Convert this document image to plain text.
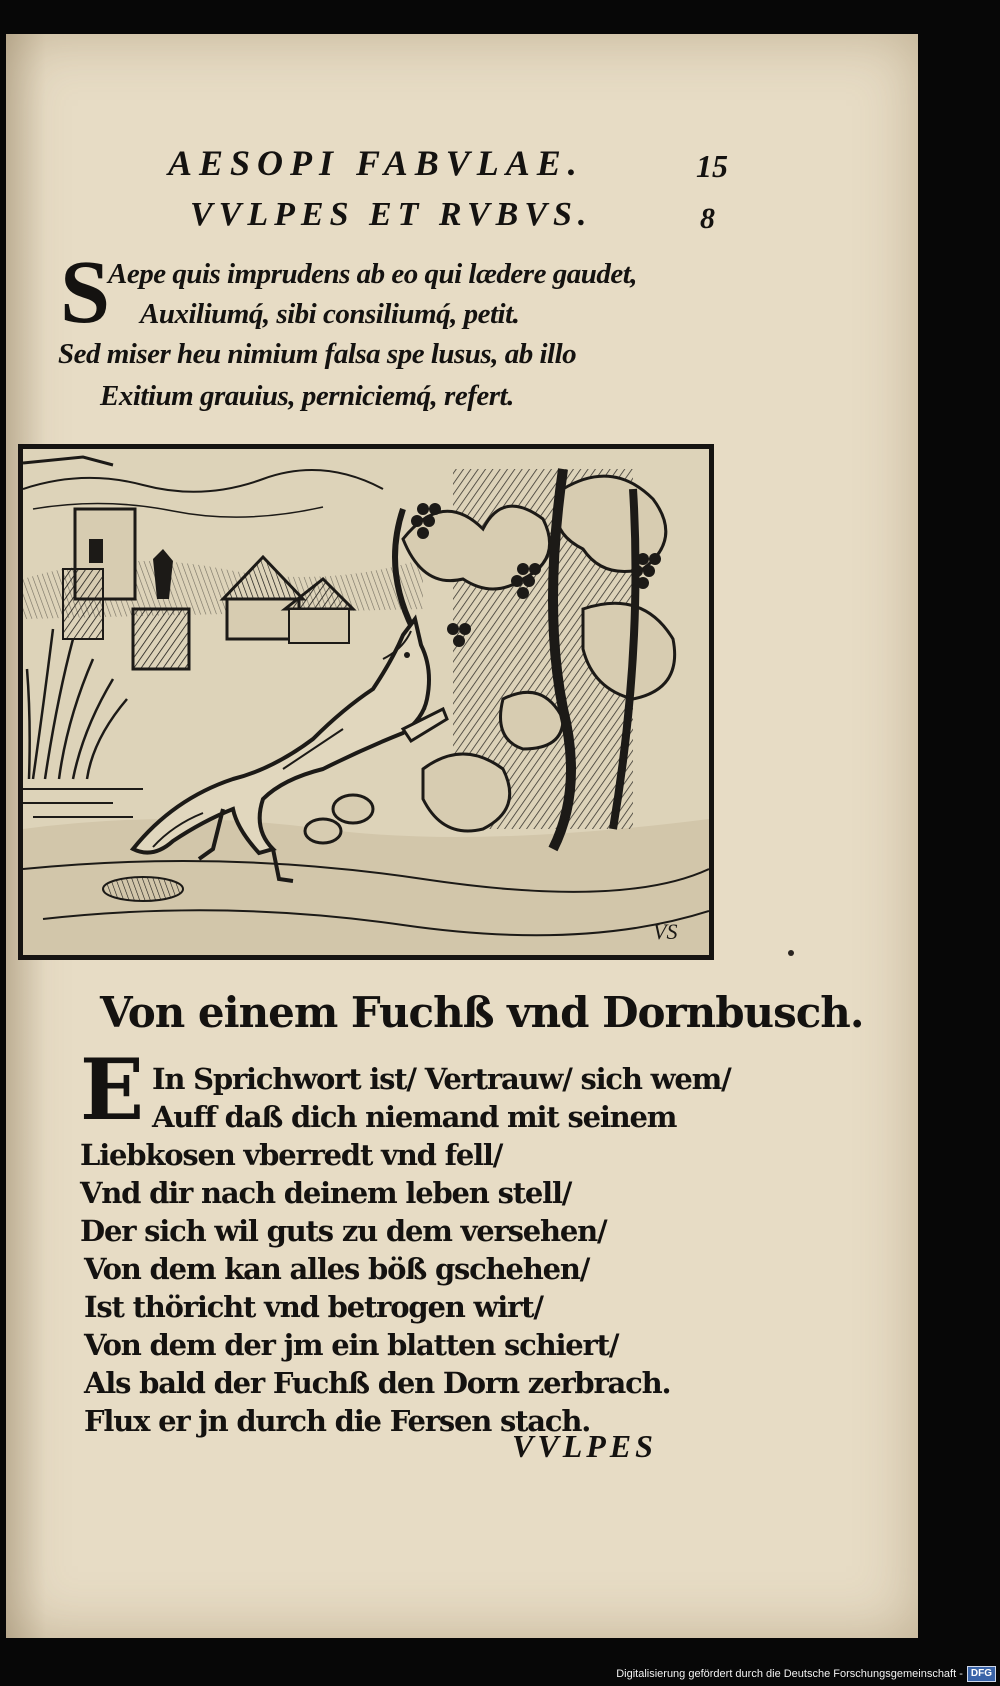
AESOPI FABVLAE.	15
VVLPES ET RVBVS.	8
S
Aepe quis imprudens ab eo qui lædere gaudet,
Auxiliumq́, sibi consiliumq́, petit.
Sed miser heu nimium falsa spe lusus, ab illo
Exitium grauius, perniciemq́, refert.
VS
Von einem Fuchß vnd Dornbusch.
E In Sprichwort ist/ Vertrauw/ sich wem/
Auff daß dich niemand mit seinem
Liebkosen vberredt vnd fell/
Vnd dir nach deinem leben stell/
Der sich wil guts zu dem versehen/
Von dem kan alles böß gschehen/
Ist thöricht vnd betrogen wirt/
Von dem der jm ein blatten schiert/
Als bald der Fuchß den Dorn zerbrach.
Flux er jn durch die Fersen stach.
VVLPES
Digitalisierung gefördert durch die Deutsche Forschungsgemeinschaft - DFG
